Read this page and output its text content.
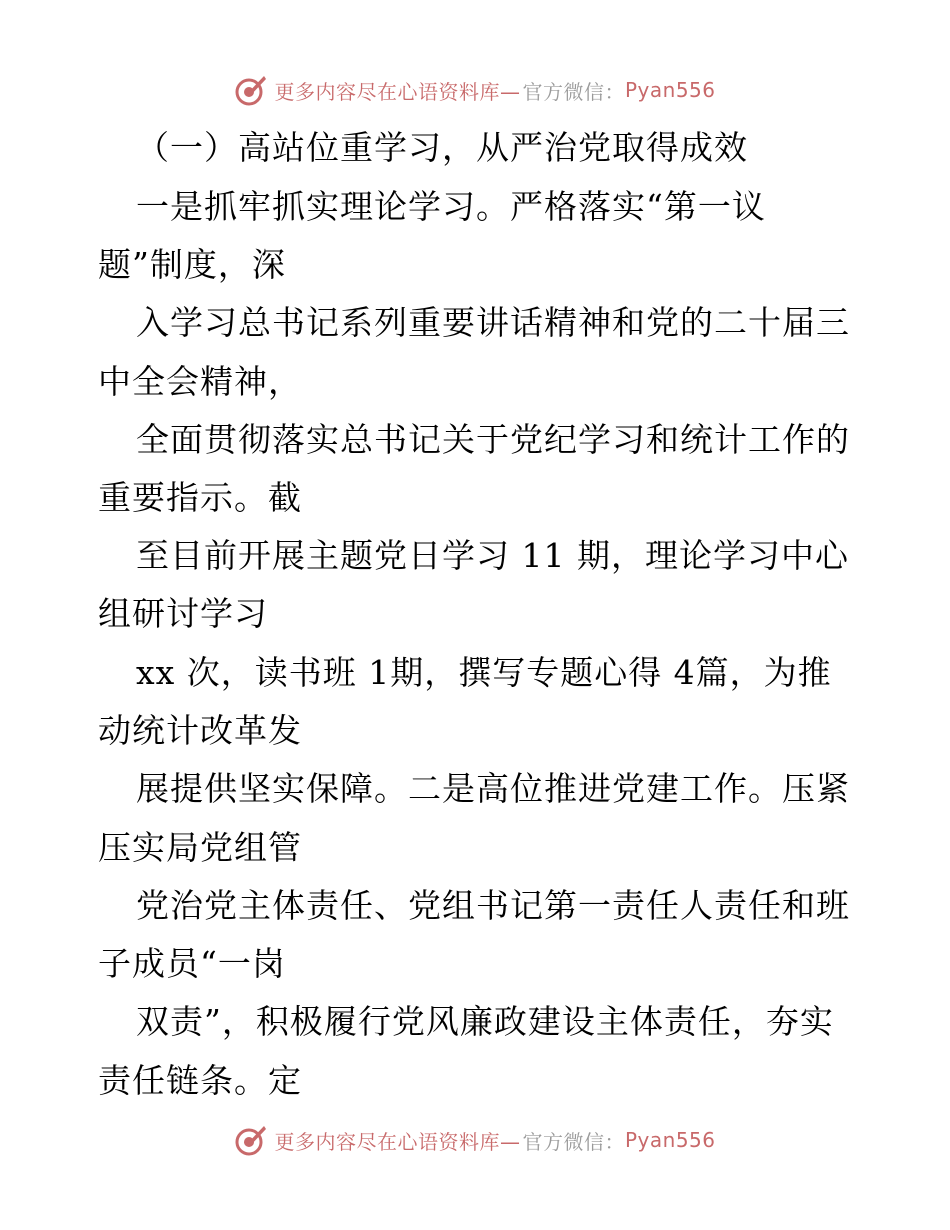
更多内容尽在心语资料库— 官方微信： Pyan556
（一）高站位重学习，从严治党取得成效
一是抓牢抓实理论学习。严格落实“第一议
题”制度，深
入学习总书记系列重要讲话精神和党的二十届三
中全会精神，
全面贯彻落实总书记关于党纪学习和统计工作的
重要指示。截
至目前开展主题党日学习 11 期，理论学习中心
组研讨学习
xx 次，读书班 1期，撰写专题心得 4篇，为推
动统计改革发
展提供坚实保障。二是高位推进党建工作。压紧
压实局党组管
党治党主体责任、党组书记第一责任人责任和班
子成员“一岗
双责”，积极履行党风廉政建设主体责任，夯实
责任链条。定
更多内容尽在心语资料库— 官方微信： Pyan556
